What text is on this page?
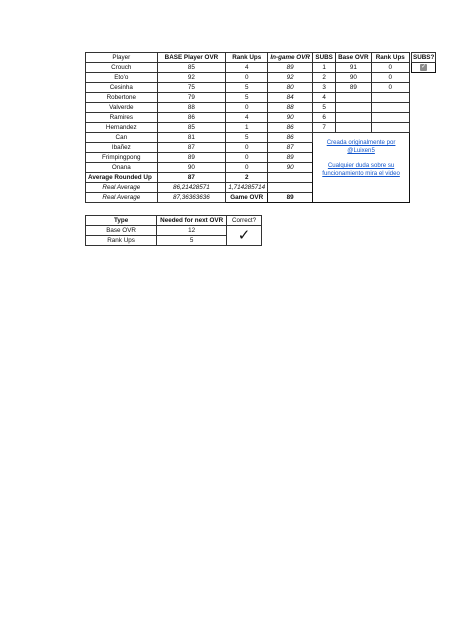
Player	BASE Player OVR	Rank Ups	In-game OVR	SUBS	Base OVR	Rank Ups
Crouch	85	4	89	1	91	0
Eto'o	92	0	92	2	90	0
Cesinha	75	5	80	3	89	0
Robertone	79	5	84	4		
Valverde	88	0	88	5		
Ramires	86	4	90	6		
Hernandez	85	1	86	7		
Can	81	5	86	Creada originalmente por @Luixen5
Cualquier duda sobre su funcionamiento mira el video		

Ibañez	87	0	87			
Frimpingpong	89	0	89			
Onana	90	0	90			
Average Rounded Up	87	2				
Real Average	86,21428571	1,714285714				
Real Average	87,36363636	Game OVR	89			
SUBS?
✓
Type	Needed for next OVR	Correct?
Base OVR	12	✓
Rank Ups	5	
